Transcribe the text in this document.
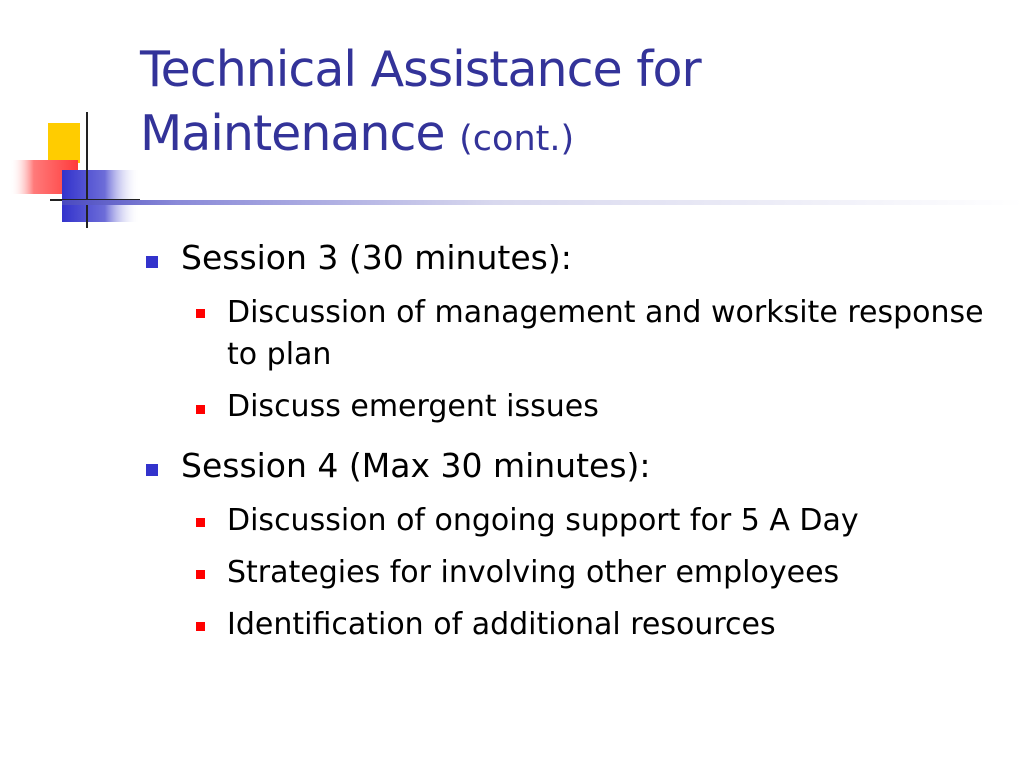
Technical Assistance for Maintenance (cont.)
Session 3 (30 minutes):
Discussion of management and worksite response to plan
Discuss emergent issues
Session 4 (Max 30 minutes):
Discussion of ongoing support for 5 A Day
Strategies for involving other employees
Identification of additional resources
